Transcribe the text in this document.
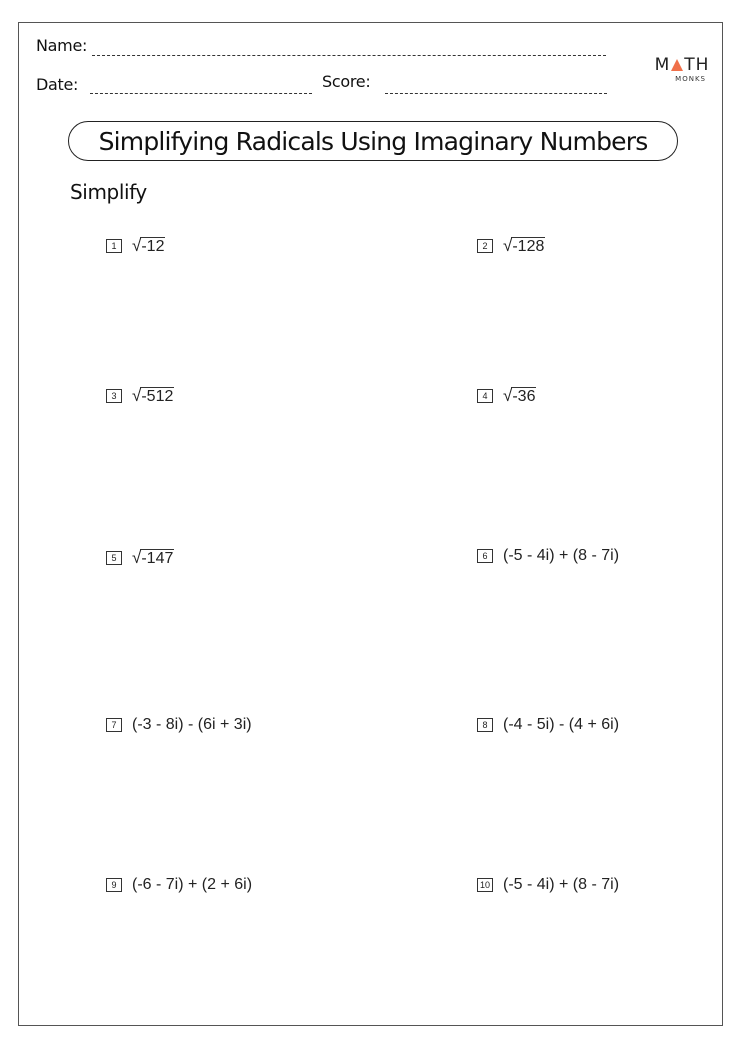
Name:
Date:	Score:
M TH
MONKS
Simplifying Radicals Using Imaginary Numbers
Simplify
1 √ -12	2 √ -128
3 √ -512	4 √ -36
5 √ -147	6 (-5 - 4i) + (8 - 7i)
7 (-3 - 8i) - (6i + 3i)	8 (-4 - 5i) - (4 + 6i)
9 (-6 - 7i) + (2 + 6i)	10 (-5 - 4i) + (8 - 7i)
